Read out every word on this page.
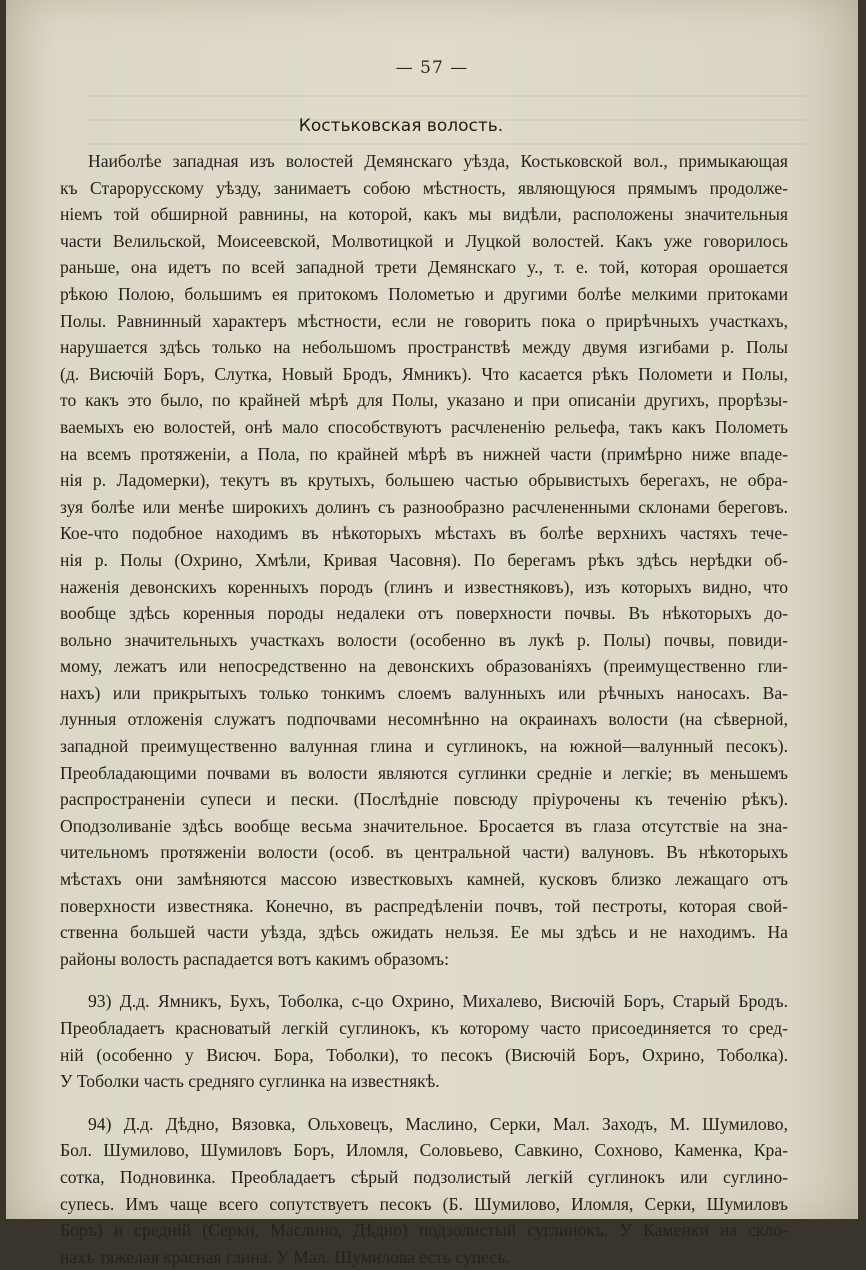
— 57 —
Костьковская волость.
Наиболѣе западная изъ волостей Демянскаго уѣзда, Костьковской вол., примыкающая
къ Старорусскому уѣзду, занимаетъ собою мѣстность, являющуюся прямымъ продолже-
ніемъ той обширной равнины, на которой, какъ мы видѣли, расположены значительныя
части Велильской, Моисеевской, Молвотицкой и Луцкой волостей. Какъ уже говорилось
раньше, она идетъ по всей западной трети Демянскаго у., т. е. той, которая орошается
рѣкою Полою, большимъ ея притокомъ Полометью и другими болѣе мелкими притоками
Полы. Равнинный характеръ мѣстности, если не говорить пока о прирѣчныхъ участкахъ,
нарушается здѣсь только на небольшомъ пространствѣ между двумя изгибами р. Полы
(д. Висючій Боръ, Слутка, Новый Бродъ, Ямникъ). Что касается рѣкъ Поломети и Полы,
то какъ это было, по крайней мѣрѣ для Полы, указано и при описаніи другихъ, прорѣзы-
ваемыхъ ею волостей, онѣ мало способствуютъ расчлененію рельефа, такъ какъ Полометь
на всемъ протяженіи, а Пола, по крайней мѣрѣ въ нижней части (примѣрно ниже впаде-
нія р. Ладомерки), текутъ въ крутыхъ, большею частью обрывистыхъ берегахъ, не обра-
зуя болѣе или менѣе широкихъ долинъ съ разнообразно расчлененными склонами береговъ.
Кое-что подобное находимъ въ нѣкоторыхъ мѣстахъ въ болѣе верхнихъ частяхъ тече-
нія р. Полы (Охрино, Хмѣли, Кривая Часовня). По берегамъ рѣкъ здѣсь нерѣдки об-
наженія девонскихъ коренныхъ породъ (глинъ и известняковъ), изъ которыхъ видно, что
вообще здѣсь коренныя породы недалеки отъ поверхности почвы. Въ нѣкоторыхъ до-
вольно значительныхъ участкахъ волости (особенно въ лукѣ р. Полы) почвы, повиди-
мому, лежатъ или непосредственно на девонскихъ образованіяхъ (преимущественно гли-
нахъ) или прикрытыхъ только тонкимъ слоемъ валунныхъ или рѣчныхъ наносахъ. Ва-
лунныя отложенія служатъ подпочвами несомнѣнно на окраинахъ волости (на сѣверной,
западной преимущественно валунная глина и суглинокъ, на южной—валунный песокъ).
Преобладающими почвами въ волости являются суглинки средніе и легкіе; въ меньшемъ
распространеніи супеси и пески. (Послѣдніе повсюду пріурочены къ теченію рѣкъ).
Оподзоливаніе здѣсь вообще весьма значительное. Бросается въ глаза отсутствіе на зна-
чительномъ протяженіи волости (особ. въ центральной части) валуновъ. Въ нѣкоторыхъ
мѣстахъ они замѣняются массою известковыхъ камней, кусковъ близко лежащаго отъ
поверхности известняка. Конечно, въ распредѣленіи почвъ, той пестроты, которая свой-
ственна большей части уѣзда, здѣсь ожидать нельзя. Ее мы здѣсь и не находимъ. На
районы волость распадается вотъ какимъ образомъ:
93) Д.д. Ямникъ, Бухъ, Тоболка, с-цо Охрино, Михалево, Висючій Боръ, Старый Бродъ.
Преобладаетъ красноватый легкій суглинокъ, къ которому часто присоединяется то сред-
ній (особенно у Висюч. Бора, Тоболки), то песокъ (Висючій Боръ, Охрино, Тоболка).
У Тоболки часть средняго суглинка на известнякѣ.
94) Д.д. Дѣдно, Вязовка, Ольховецъ, Маслино, Серки, Мал. Заходъ, М. Шумилово,
Бол. Шумилово, Шумиловъ Боръ, Иломля, Соловьево, Савкино, Сохново, Каменка, Кра-
сотка, Подновинка. Преобладаетъ сѣрый подзолистый легкій суглинокъ или суглино-
супесь. Имъ чаще всего сопутствуетъ песокъ (Б. Шумилово, Иломля, Серки, Шумиловъ
Боръ) и средній (Серки, Маслино, Дѣдно) подзолистый суглинокъ. У Каменки на скло-
нахъ тяжелая красная глина. У Мал. Шумилова есть супесь.
